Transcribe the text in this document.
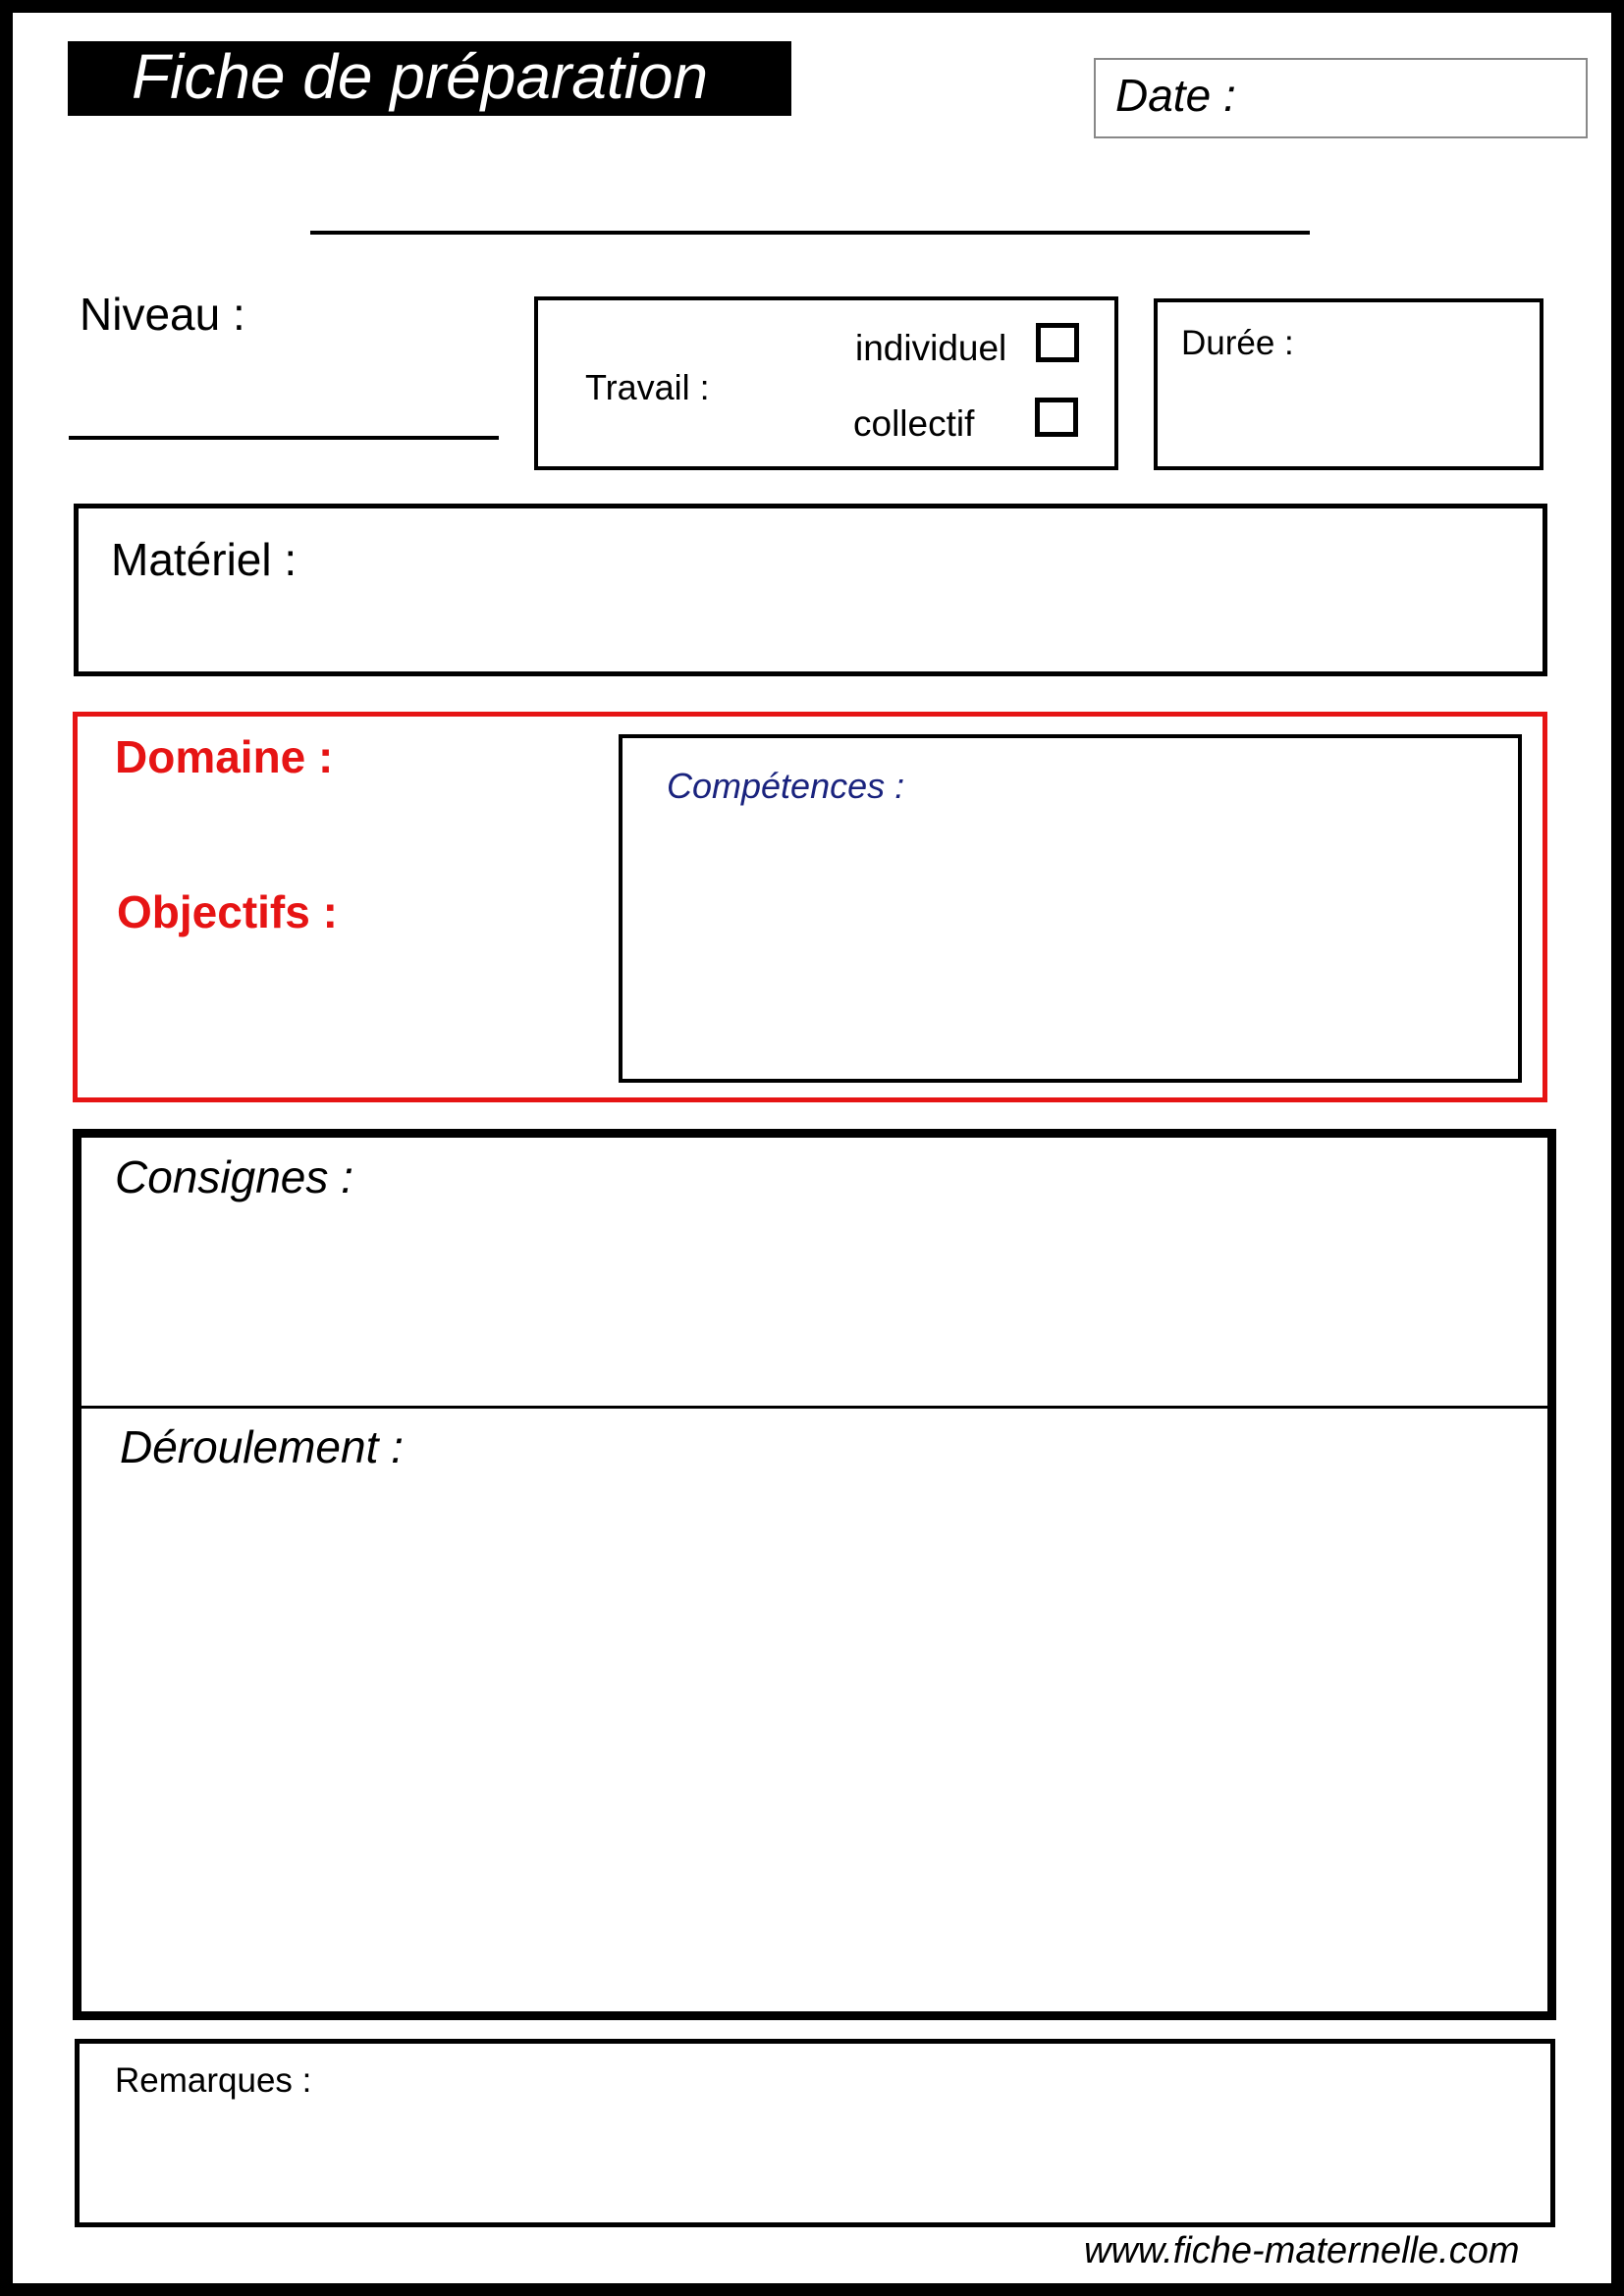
Fiche de préparation	Date :
Niveau :
Travail :
individuel
collectif
Durée :
Matériel :
Domaine :
Objectifs :
Compétences :
Consignes :
Déroulement :
Remarques :
www.fiche-maternelle.com
